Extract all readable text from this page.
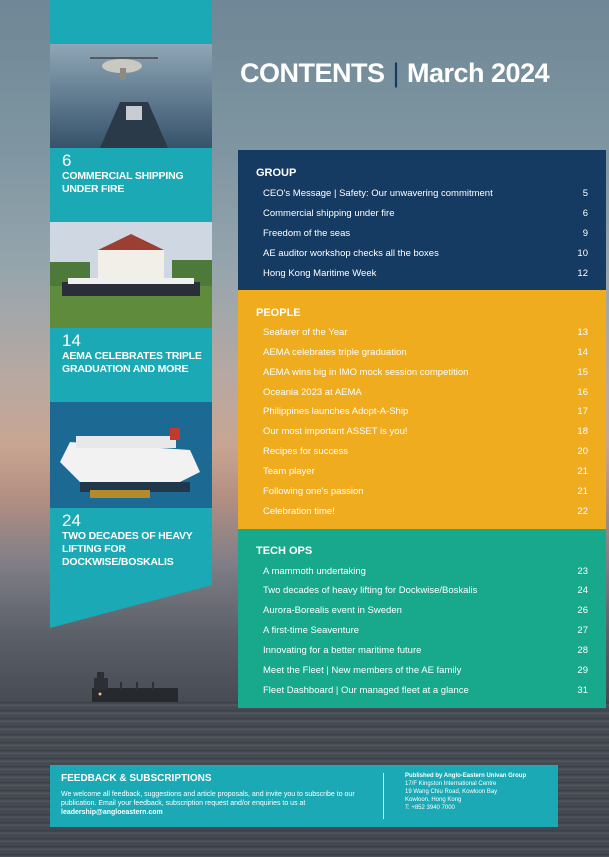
CONTENTS | March 2024
6
COMMERCIAL SHIPPING UNDER FIRE
14
AEMA CELEBRATES TRIPLE GRADUATION AND MORE
24
TWO DECADES OF HEAVY LIFTING FOR DOCKWISE/BOSKALIS
GROUP
CEO's Message | Safety: Our unwavering commitment	5
Commercial shipping under fire	6
Freedom of the seas	9
AE auditor workshop checks all the boxes	10
Hong Kong Maritime Week	12
PEOPLE
Seafarer of the Year	13
AEMA celebrates triple graduation	14
AEMA wins big in IMO mock session competition	15
Oceania 2023 at AEMA	16
Philippines launches Adopt-A-Ship	17
Our most important ASSET is you!	18
Recipes for success	20
Team player	21
Following one's passion	21
Celebration time!	22
TECH OPS
A mammoth undertaking	23
Two decades of heavy lifting for Dockwise/Boskalis	24
Aurora-Borealis event in Sweden	26
A first-time Seaventure	27
Innovating for a better maritime future	28
Meet the Fleet | New members of the AE family	29
Fleet Dashboard | Our managed fleet at a glance	31
FEEDBACK & SUBSCRIPTIONS
We welcome all feedback, suggestions and article proposals, and invite you to subscribe to our publication. Email your feedback, subscription request and/or enquiries to us at leadership@angloeastern.com
Published by Anglo-Eastern Univan Group
17/F Kingston International Centre
19 Wang Chiu Road, Kowloon Bay
Kowloon, Hong Kong
T: +852 3940 7000
